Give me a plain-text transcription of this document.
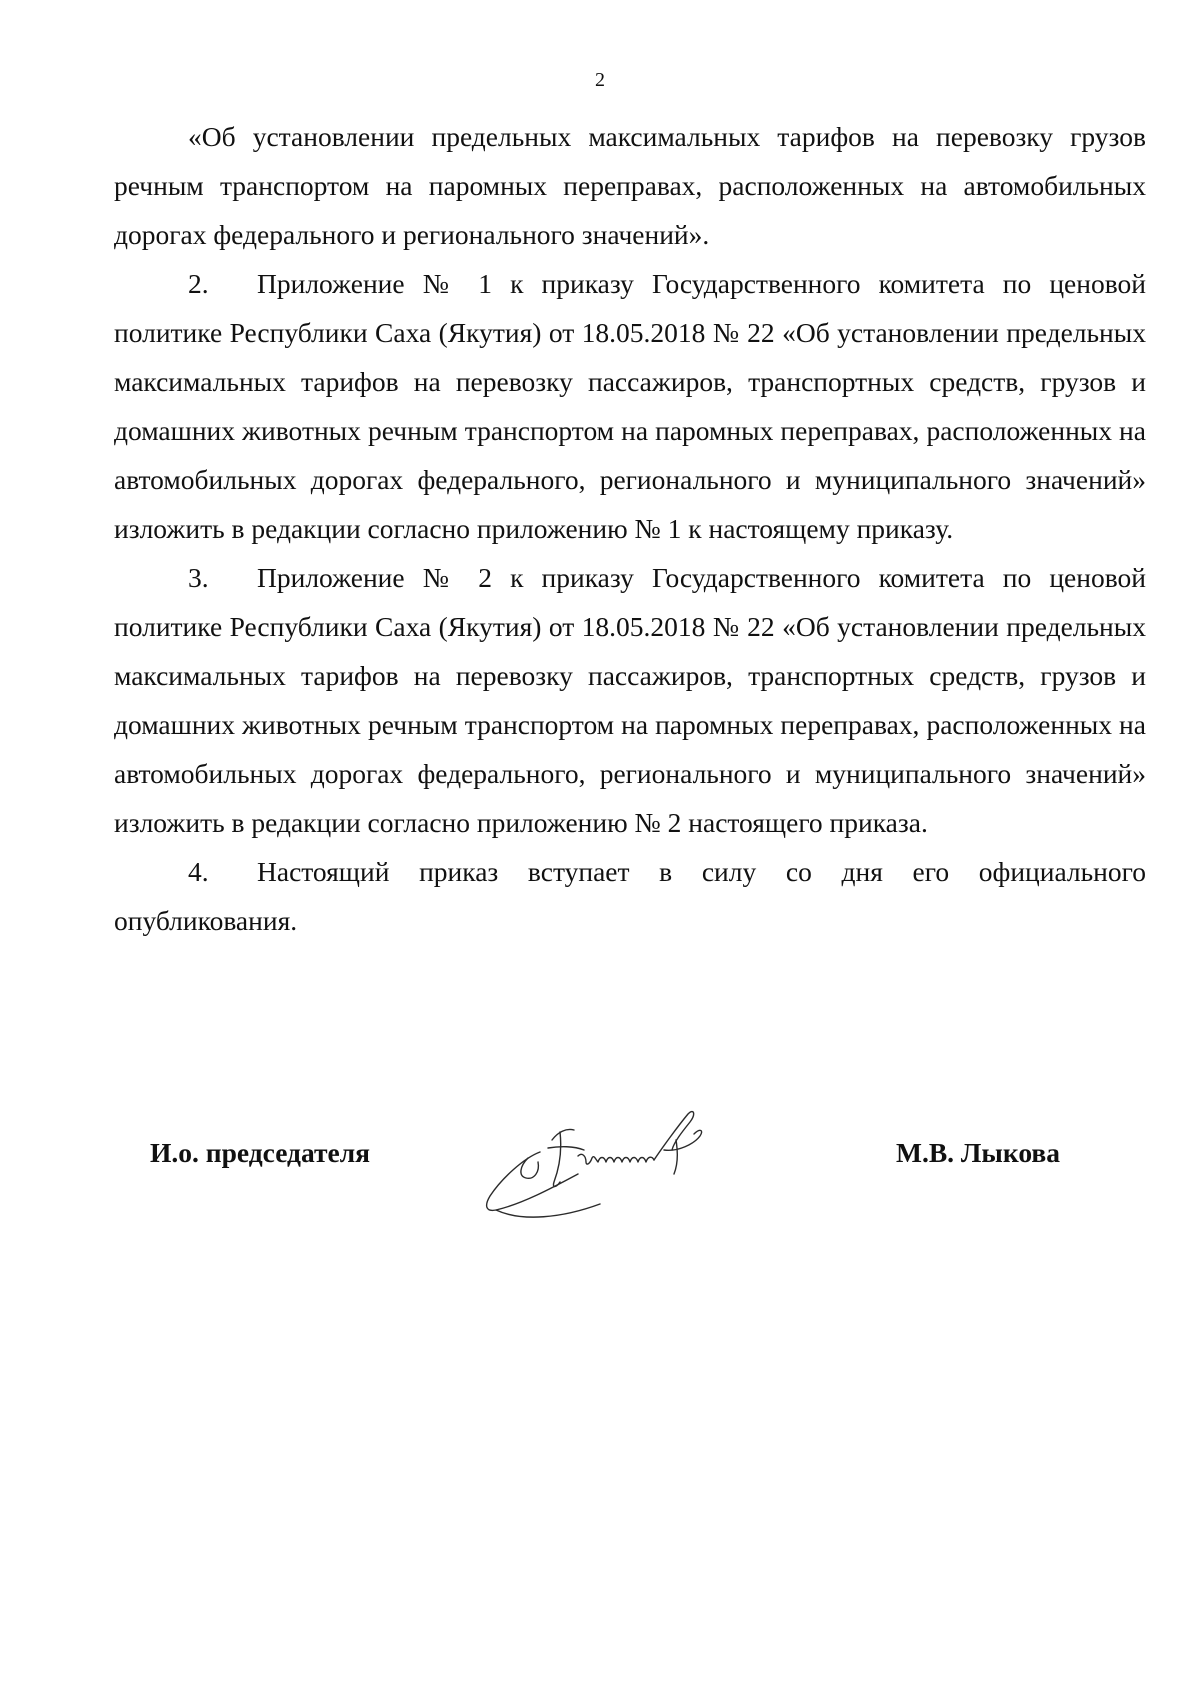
2

«Об установлении предельных максимальных тарифов на перевозку грузов речным транспортом на паромных переправах, расположенных на автомобильных дорогах федерального и регионального значений».

2. Приложение № 1 к приказу Государственного комитета по ценовой политике Республики Саха (Якутия) от 18.05.2018 № 22 «Об установлении предельных максимальных тарифов на перевозку пассажиров, транспортных средств, грузов и домашних животных речным транспортом на паромных переправах, расположенных на автомобильных дорогах федерального, регионального и муниципального значений» изложить в редакции согласно приложению № 1 к настоящему приказу.

3. Приложение № 2 к приказу Государственного комитета по ценовой политике Республики Саха (Якутия) от 18.05.2018 № 22 «Об установлении предельных максимальных тарифов на перевозку пассажиров, транспортных средств, грузов и домашних животных речным транспортом на паромных переправах, расположенных на автомобильных дорогах федерального, регионального и муниципального значений» изложить в редакции согласно приложению № 2 настоящего приказа.

4. Настоящий приказ вступает в силу со дня его официального опубликования.

И.о. председателя	М.В. Лыкова
